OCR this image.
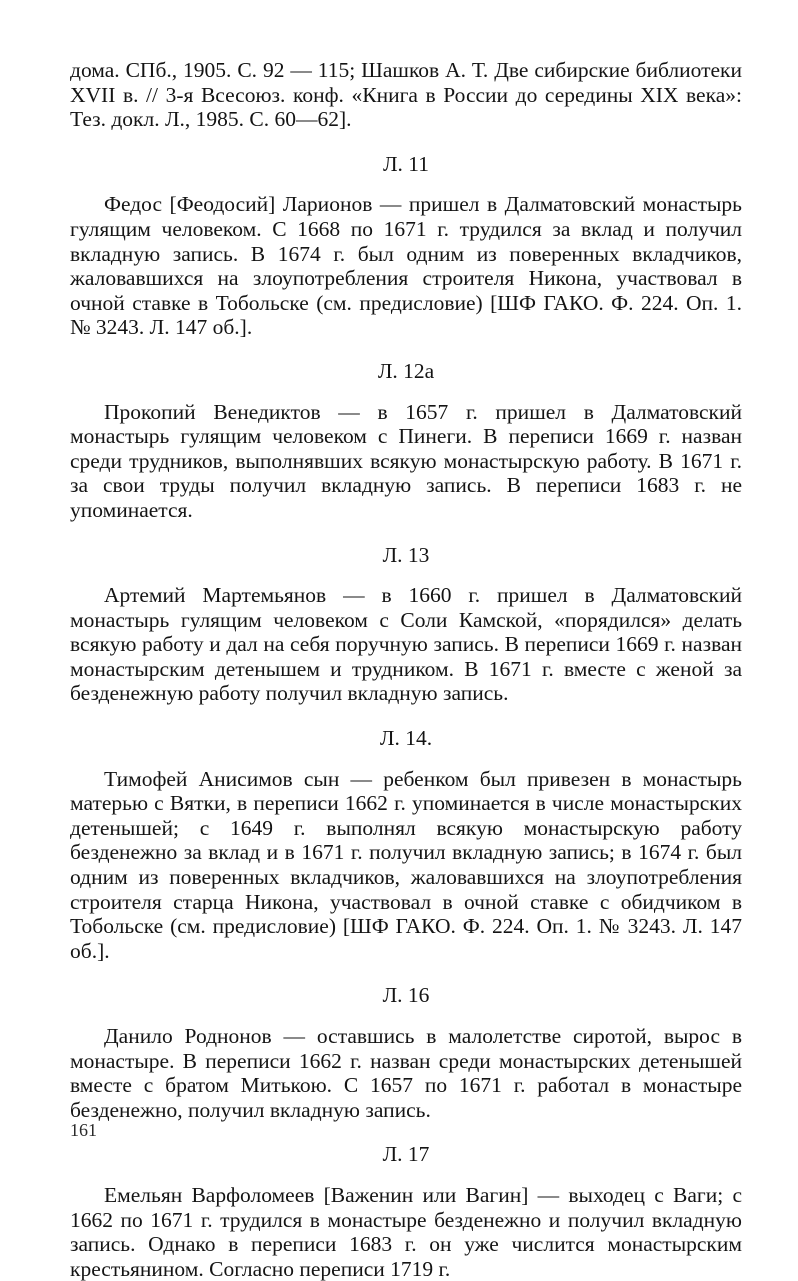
дома. СПб., 1905. С. 92 — 115; Шашков А. Т. Две сибирские библиотеки XVII в. // 3-я Всесоюз. конф. «Книга в России до середины XIX века»: Тез. докл. Л., 1985. С. 60—62].

Л. 11

Федос [Феодосий] Ларионов — пришел в Далматовский монастырь гулящим человеком. С 1668 по 1671 г. трудился за вклад и получил вкладную запись. В 1674 г. был одним из поверенных вкладчиков, жаловавшихся на злоупотребления строителя Никона, участвовал в очной ставке в Тобольске (см. предисловие) [ШФ ГАКО. Ф. 224. Оп. 1. № 3243. Л. 147 об.].

Л. 12а

Прокопий Венедиктов — в 1657 г. пришел в Далматовский монастырь гулящим человеком с Пинеги. В переписи 1669 г. назван среди трудников, выполнявших всякую монастырскую работу. В 1671 г. за свои труды получил вкладную запись. В переписи 1683 г. не упоминается.

Л. 13

Артемий Мартемьянов — в 1660 г. пришел в Далматовский монастырь гулящим человеком с Соли Камской, «порядился» делать всякую работу и дал на себя поручную запись. В переписи 1669 г. назван монастырским детенышем и трудником. В 1671 г. вместе с женой за безденежную работу получил вкладную запись.

Л. 14.

Тимофей Анисимов сын — ребенком был привезен в монастырь матерью с Вятки, в переписи 1662 г. упоминается в числе монастырских детенышей; с 1649 г. выполнял всякую монастырскую работу безденежно за вклад и в 1671 г. получил вкладную запись; в 1674 г. был одним из поверенных вкладчиков, жаловавшихся на злоупотребления строителя старца Никона, участвовал в очной ставке с обидчиком в Тобольске (см. предисловие) [ШФ ГАКО. Ф. 224. Оп. 1. № 3243. Л. 147 об.].

Л. 16

Данило Роднонов — оставшись в малолетстве сиротой, вырос в монастыре. В переписи 1662 г. назван среди монастырских детенышей вместе с братом Митькою. С 1657 по 1671 г. работал в монастыре безденежно, получил вкладную запись.

Л. 17

Емельян Варфоломеев [Важенин или Вагин] — выходец с Ваги; с 1662 по 1671 г. трудился в монастыре безденежно и получил вкладную запись. Однако в переписи 1683 г. он уже числится монастырским крестьянином. Согласно переписи 1719 г.

161
